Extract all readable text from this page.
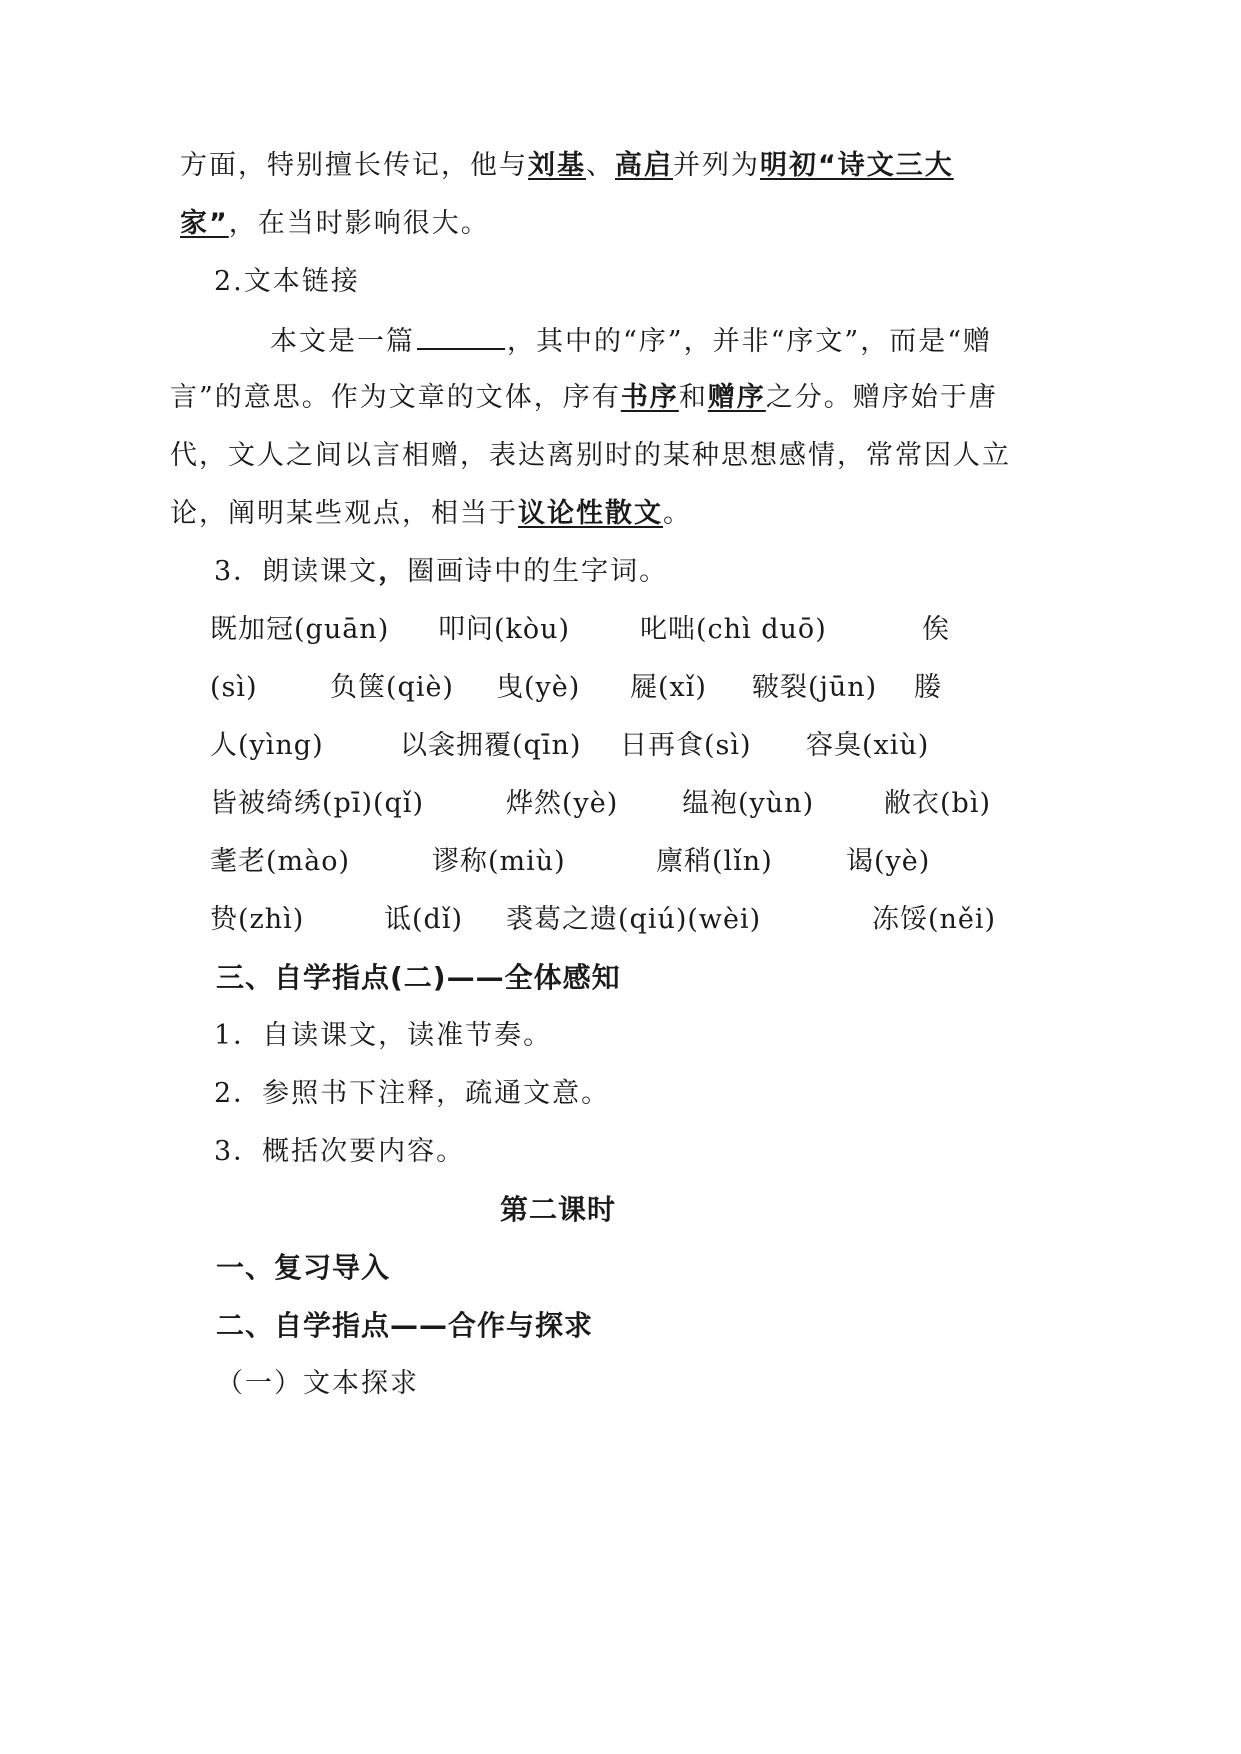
方面，特别擅长传记，他与刘基、高启并列为明初“诗文三大
家”，在当时影响很大。
2.文本链接
本文是一篇	，其中的“序”，并非“序文”，而是“赠
言”的意思。作为文章的文体，序有书序和赠序之分。赠序始于唐
代，文人之间以言相赠，表达离别时的某种思想感情，常常因人立
论，阐明某些观点，相当于议论性散文。
3．朗读课文，圈画诗中的生字词。
既加冠(guān) 叩问(kòu)	叱咄(chì duō)	俟
(sì)	负箧(qiè) 曳(yè) 屣(xǐ) 皲裂(jūn) 媵
人(yìng)	以衾拥覆(qīn) 日再食(sì) 容臭(xiù)
皆被绮绣(pī)(qǐ)	烨然(yè) 缊袍(yùn)	敝衣(bì)
耄老(mào)	谬称(miù)	廪稍(lǐn)	谒(yè)
贽(zhì)	诋(dǐ) 裘葛之遗(qiú)(wèi)	冻馁(něi)
三、自学指点(二)——全体感知
1．自读课文，读准节奏。
2．参照书下注释，疏通文意。
3．概括次要内容。
第二课时
一、复习导入
二、自学指点——合作与探求
（一）文本探求
